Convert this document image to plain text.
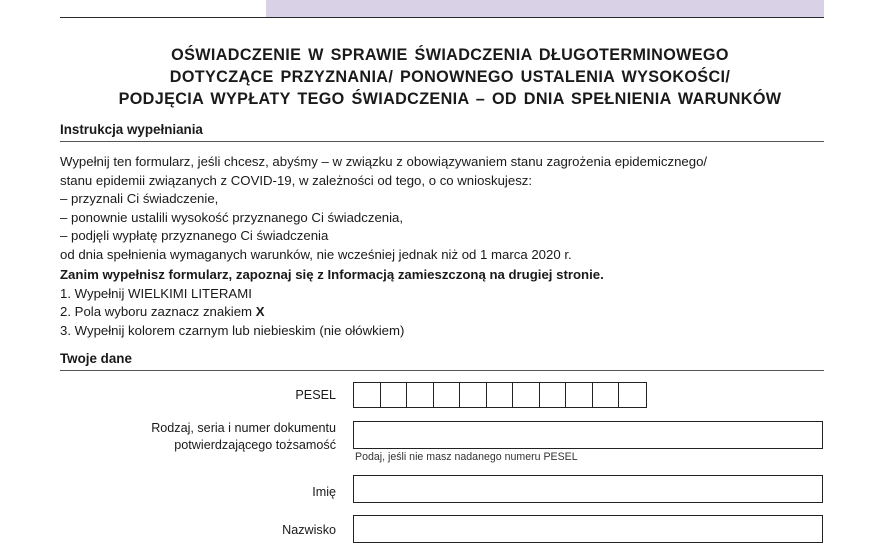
OŚWIADCZENIE W SPRAWIE ŚWIADCZENIA DŁUGOTERMINOWEGO
DOTYCZĄCE PRZYZNANIA/ PONOWNEGO USTALENIA WYSOKOŚCI/
PODJĘCIA WYPŁATY TEGO ŚWIADCZENIA – OD DNIA SPEŁNIENIA WARUNKÓW
Instrukcja wypełniania
Wypełnij ten formularz, jeśli chcesz, abyśmy – w związku z obowiązywaniem stanu zagrożenia epidemicznego/
stanu epidemii związanych z COVID-19, w zależności od tego, o co wnioskujesz:
– przyznali Ci świadczenie,
– ponownie ustalili wysokość przyznanego Ci świadczenia,
– podjęli wypłatę przyznanego Ci świadczenia
od dnia spełnienia wymaganych warunków, nie wcześniej jednak niż od 1 marca 2020 r.
Zanim wypełnisz formularz, zapoznaj się z Informacją zamieszczoną na drugiej stronie.
1. Wypełnij WIELKIMI LITERAMI
2. Pola wyboru zaznacz znakiem X
3. Wypełnij kolorem czarnym lub niebieskim (nie ołówkiem)
Twoje dane
PESEL
Rodzaj, seria i numer dokumentu
potwierdzającego tożsamość
Podaj, jeśli nie masz nadanego numeru PESEL
Imię
Nazwisko
